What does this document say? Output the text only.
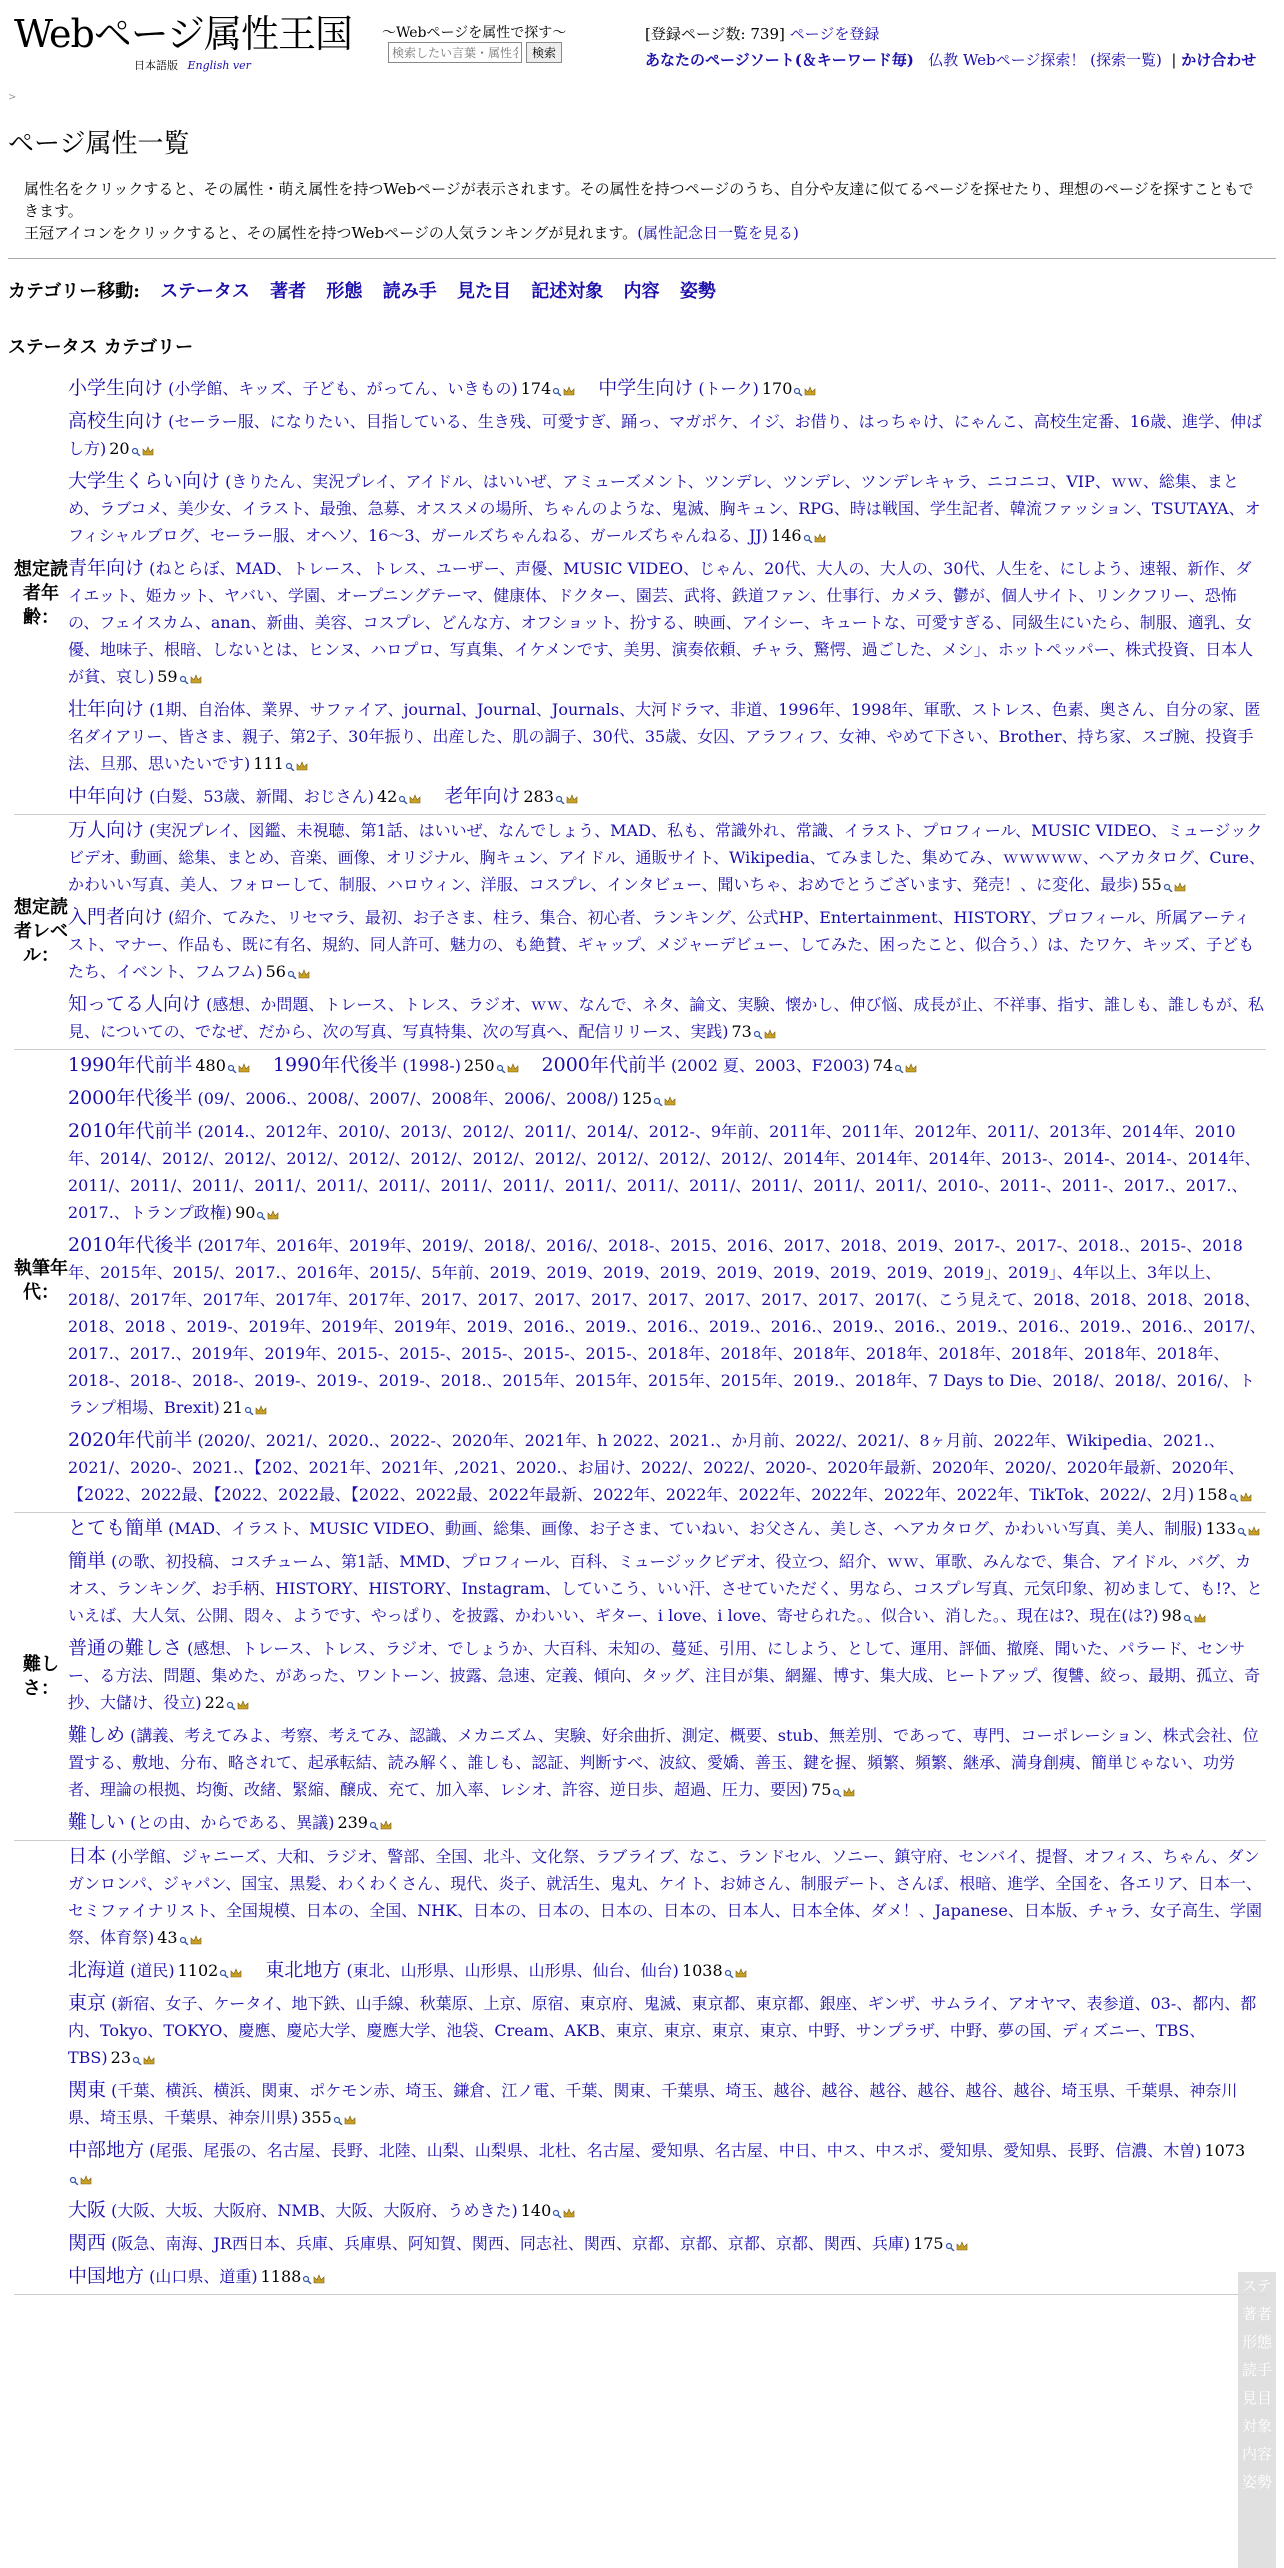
Webページ属性王国
日本語版 English ver
～Webページを属性で探す～
検索したい言葉・属性名の一部
検索
[登録ページ数: 739] ページを登録
あなたのページソート(＆キーワード毎) 仏教 Webページ探索！ (探索一覧)  | かけ合わせ
>
ページ属性一覧
属性名をクリックすると、その属性・萌え属性を持つWebページが表示されます。その属性を持つページのうち、自分や友達に似てるページを探せたり、理想のページを探すこともできます。
王冠アイコンをクリックすると、その属性を持つWebページの人気ランキングが見れます。(属性記念日一覧を見る)
カテゴリー移動: ステータス 著者 形態 読み手 見た目 記述対象 内容 姿勢
ステータス カテゴリー
想定読者年齢：
小学生向け (小学館、キッズ、子ども、がってん、いきもの) 174 中学生向け (トーク) 170
高校生向け (セーラー服、になりたい、目指している、生き残、可愛すぎ、踊っ、マガポケ、イジ、お借り、はっちゃけ、にゃんこ、高校生定番、16歳、進学、伸ばし方) 20
大学生くらい向け (きりたん、実況プレイ、アイドル、はいいぜ、アミューズメント、ツンデレ、ツンデレ、ツンデレキャラ、ニコニコ、VIP、ｗｗ、総集、まとめ、ラブコメ、美少女、イラスト、最強、急募、オススメの場所、ちゃんのような、鬼滅、胸キュン、RPG、時は戦国、学生記者、韓流ファッション、TSUTAYA、オフィシャルブログ、セーラー服、オヘソ、16～3、ガールズちゃんねる、ガールズちゃんねる、JJ) 146
青年向け (ねとらぼ、MAD、トレース、トレス、ユーザー、声優、MUSIC VIDEO、じゃん、20代、大人の、大人の、30代、人生を、にしよう、速報、新作、ダイエット、姫カット、ヤバい、学園、オープニングテーマ、健康体、ドクター、園芸、武将、鉄道ファン、仕事行、カメラ、鬱が、個人サイト、リンクフリー、恐怖の、フェイスカム、anan、新曲、美容、コスプレ、どんな方、オフショット、扮する、映画、アイシー、キュートな、可愛すぎる、同級生にいたら、制服、適乳、女優、地味子、根暗、しないとは、ヒンヌ、ハロプロ、写真集、イケメンです、美男、演奏依頼、チャラ、驚愕、過ごした、メシ」、ホットペッパー、株式投資、日本人が貧、哀し) 59
壮年向け (1期、自治体、業界、サファイア、journal、Journal、Journals、大河ドラマ、非道、1996年、1998年、軍歌、ストレス、色素、奥さん、自分の家、匿名ダイアリー、皆さま、親子、第2子、30年振り、出産した、肌の調子、30代、35歳、女囚、アラフィフ、女神、やめて下さい、Brother、持ち家、スゴ腕、投資手法、旦那、思いたいです) 111
中年向け (白髪、53歳、新聞、おじさん) 42 老年向け 283
想定読者レベル：
万人向け (実況プレイ、図鑑、未視聴、第1話、はいいぜ、なんでしょう、MAD、私も、常識外れ、常識、イラスト、プロフィール、MUSIC VIDEO、ミュージックビデオ、動画、総集、まとめ、音楽、画像、オリジナル、胸キュン、アイドル、通販サイト、Wikipedia、てみました、集めてみ、ｗｗｗｗｗ、ヘアカタログ、Cure、かわいい写真、美人、フォローして、制服、ハロウィン、洋服、コスプレ、インタビュー、聞いちゃ、おめでとうございます、発売！、に変化、最歩) 55
入門者向け (紹介、てみた、リセマラ、最初、お子さま、柱ラ、集合、初心者、ランキング、公式HP、Entertainment、HISTORY、プロフィール、所属アーティスト、マナー、作品も、既に有名、規約、同人許可、魅力の、も絶賛、ギャップ、メジャーデビュー、してみた、困ったこと、似合う、）は、たワケ、キッズ、子どもたち、イベント、フムフム) 56
知ってる人向け (感想、か問題、トレース、トレス、ラジオ、ｗｗ、なんで、ネタ、論文、実験、懐かし、伸び悩、成長が止、不祥事、指す、誰しも、誰しもが、私見、についての、でなぜ、だから、次の写真、写真特集、次の写真へ、配信リリース、実践) 73
執筆年代：
1990年代前半 480 1990年代後半 (1998-) 250 2000年代前半 (2002 夏、2003、F2003) 74
2000年代後半 (09/、2006.、2008/、2007/、2008年、2006/、2008/) 125
2010年代前半 (2014.、2012年、2010/、2013/、2012/、2011/、2014/、2012-、9年前、2011年、2011年、2012年、2011/、2013年、2014年、2010年、2014/、2012/、2012/、2012/、2012/、2012/、2012/、2012/、2012/、2012/、2012/、2014年、2014年、2014年、2013-、2014-、2014-、2014年、2011/、2011/、2011/、2011/、2011/、2011/、2011/、2011/、2011/、2011/、2011/、2011/、2011/、2011/、2010-、2011-、2011-、2017.、2017.、2017.、トランプ政権) 90
2010年代後半 (2017年、2016年、2019年、2019/、2018/、2016/、2018-、2015、2016、2017、2018、2019、2017-、2017-、2018.、2015-、2018年、2015年、2015/、2017.、2016年、2015/、5年前、2019、2019、2019、2019、2019、2019、2019、2019、2019」、2019」、4年以上、3年以上、2018/、2017年、2017年、2017年、2017年、2017、2017、2017、2017、2017、2017、2017、2017、2017(、こう見えて、2018、2018、2018、2018、2018、2018 、2019-、2019年、2019年、2019年、2019、2016.、2019.、2016.、2019.、2016.、2019.、2016.、2019.、2016.、2019.、2016.、2017/、2017.、2017.、2019年、2019年、2015-、2015-、2015-、2015-、2015-、2018年、2018年、2018年、2018年、2018年、2018年、2018年、2018年、2018-、2018-、2018-、2019-、2019-、2019-、2018.、2015年、2015年、2015年、2015年、2019.、2018年、7 Days to Die、2018/、2018/、2016/、トランプ相場、Brexit) 21
2020年代前半 (2020/、2021/、2020.、2022-、2020年、2021年、h 2022、2021.、か月前、2022/、2021/、8ヶ月前、2022年、Wikipedia、2021.、2021/、2020-、2021.、【202、2021年、2021年、,2021、2020.、お届け、2022/、2022/、2020-、2020年最新、2020年、2020/、2020年最新、2020年、【2022、2022最、【2022、2022最、【2022、2022最、2022年最新、2022年、2022年、2022年、2022年、2022年、2022年、TikTok、2022/、2月) 158
難しさ：
とても簡単 (MAD、イラスト、MUSIC VIDEO、動画、総集、画像、お子さま、ていねい、お父さん、美しさ、ヘアカタログ、かわいい写真、美人、制服) 133
簡単 (の歌、初投稿、コスチューム、第1話、MMD、プロフィール、百科、ミュージックビデオ、役立つ、紹介、ｗｗ、軍歌、みんなで、集合、アイドル、バグ、カオス、ランキング、お手柄、HISTORY、HISTORY、Instagram、していこう、いい汗、させていただく、男なら、コスプレ写真、元気印象、初めまして、も!?、といえば、大人気、公開、悶々、ようです、やっぱり、を披露、かわいい、ギター、i love、i love、寄せられた。、似合い、消した。、現在は?、現在(は?) 98
普通の難しさ (感想、トレース、トレス、ラジオ、でしょうか、大百科、未知の、蔓延、引用、にしよう、として、運用、評価、撤廃、聞いた、パラード、センサー、る方法、問題、集めた、があった、ワントーン、披露、急速、定義、傾向、タッグ、注目が集、網羅、博す、集大成、ヒートアップ、復讐、絞っ、最期、孤立、奇抄、大儲け、役立) 22
難しめ (講義、考えてみよ、考察、考えてみ、認識、メカニズム、実験、好余曲折、測定、概要、stub、無差別、であって、専門、コーポレーション、株式会社、位置する、敷地、分布、略されて、起承転結、読み解く、誰しも、認証、判断すべ、波紋、愛嬌、善玉、鍵を握、頻繁、頻繁、継承、満身創痍、簡単じゃない、功労者、理論の根拠、均衡、改緒、緊縮、醸成、充て、加入率、レシオ、許容、逆日歩、超過、圧力、要因) 75
難しい (との由、からである、異議) 239
日本 (小学館、ジャニーズ、大和、ラジオ、警部、全国、北斗、文化祭、ラブライブ、なこ、ランドセル、ソニー、鎮守府、センバイ、提督、オフィス、ちゃん、ダンガンロンパ、ジャパン、国宝、黒髪、わくわくさん、現代、炎子、就活生、鬼丸、ケイト、お姉さん、制服デート、さんぽ、根暗、進学、全国を、各エリア、日本一、セミファイナリスト、全国規模、日本の、全国、NHK、日本の、日本の、日本の、日本の、日本人、日本全体、ダメ！、Japanese、日本版、チャラ、女子高生、学園祭、体育祭) 43
北海道 (道民) 1102 東北地方 (東北、山形県、山形県、山形県、仙台、仙台) 1038
東京 (新宿、女子、ケータイ、地下鉄、山手線、秋葉原、上京、原宿、東京府、鬼滅、東京都、東京都、銀座、ギンザ、サムライ、アオヤマ、表参道、03-、都内、都内、Tokyo、TOKYO、慶應、慶応大学、慶應大学、池袋、Cream、AKB、東京、東京、東京、東京、中野、サンプラザ、中野、夢の国、ディズニー、TBS、TBS) 23
関東 (千葉、横浜、横浜、関東、ポケモン赤、埼玉、鎌倉、江ノ電、千葉、関東、千葉県、埼玉、越谷、越谷、越谷、越谷、越谷、越谷、埼玉県、千葉県、神奈川県、埼玉県、千葉県、神奈川県) 355
中部地方 (尾張、尾張の、名古屋、長野、北陸、山梨、山梨県、北杜、名古屋、愛知県、名古屋、中日、中ス、中スポ、愛知県、愛知県、長野、信濃、木曽) 1073
大阪 (大阪、大坂、大阪府、NMB、大阪、大阪府、うめきた) 140
関西 (阪急、南海、JR西日本、兵庫、兵庫県、阿知賀、関西、同志社、関西、京都、京都、京都、京都、関西、兵庫) 175
中国地方 (山口県、道重) 1188	ステ
著者
形態
読手
見目
対象
内容
姿勢
